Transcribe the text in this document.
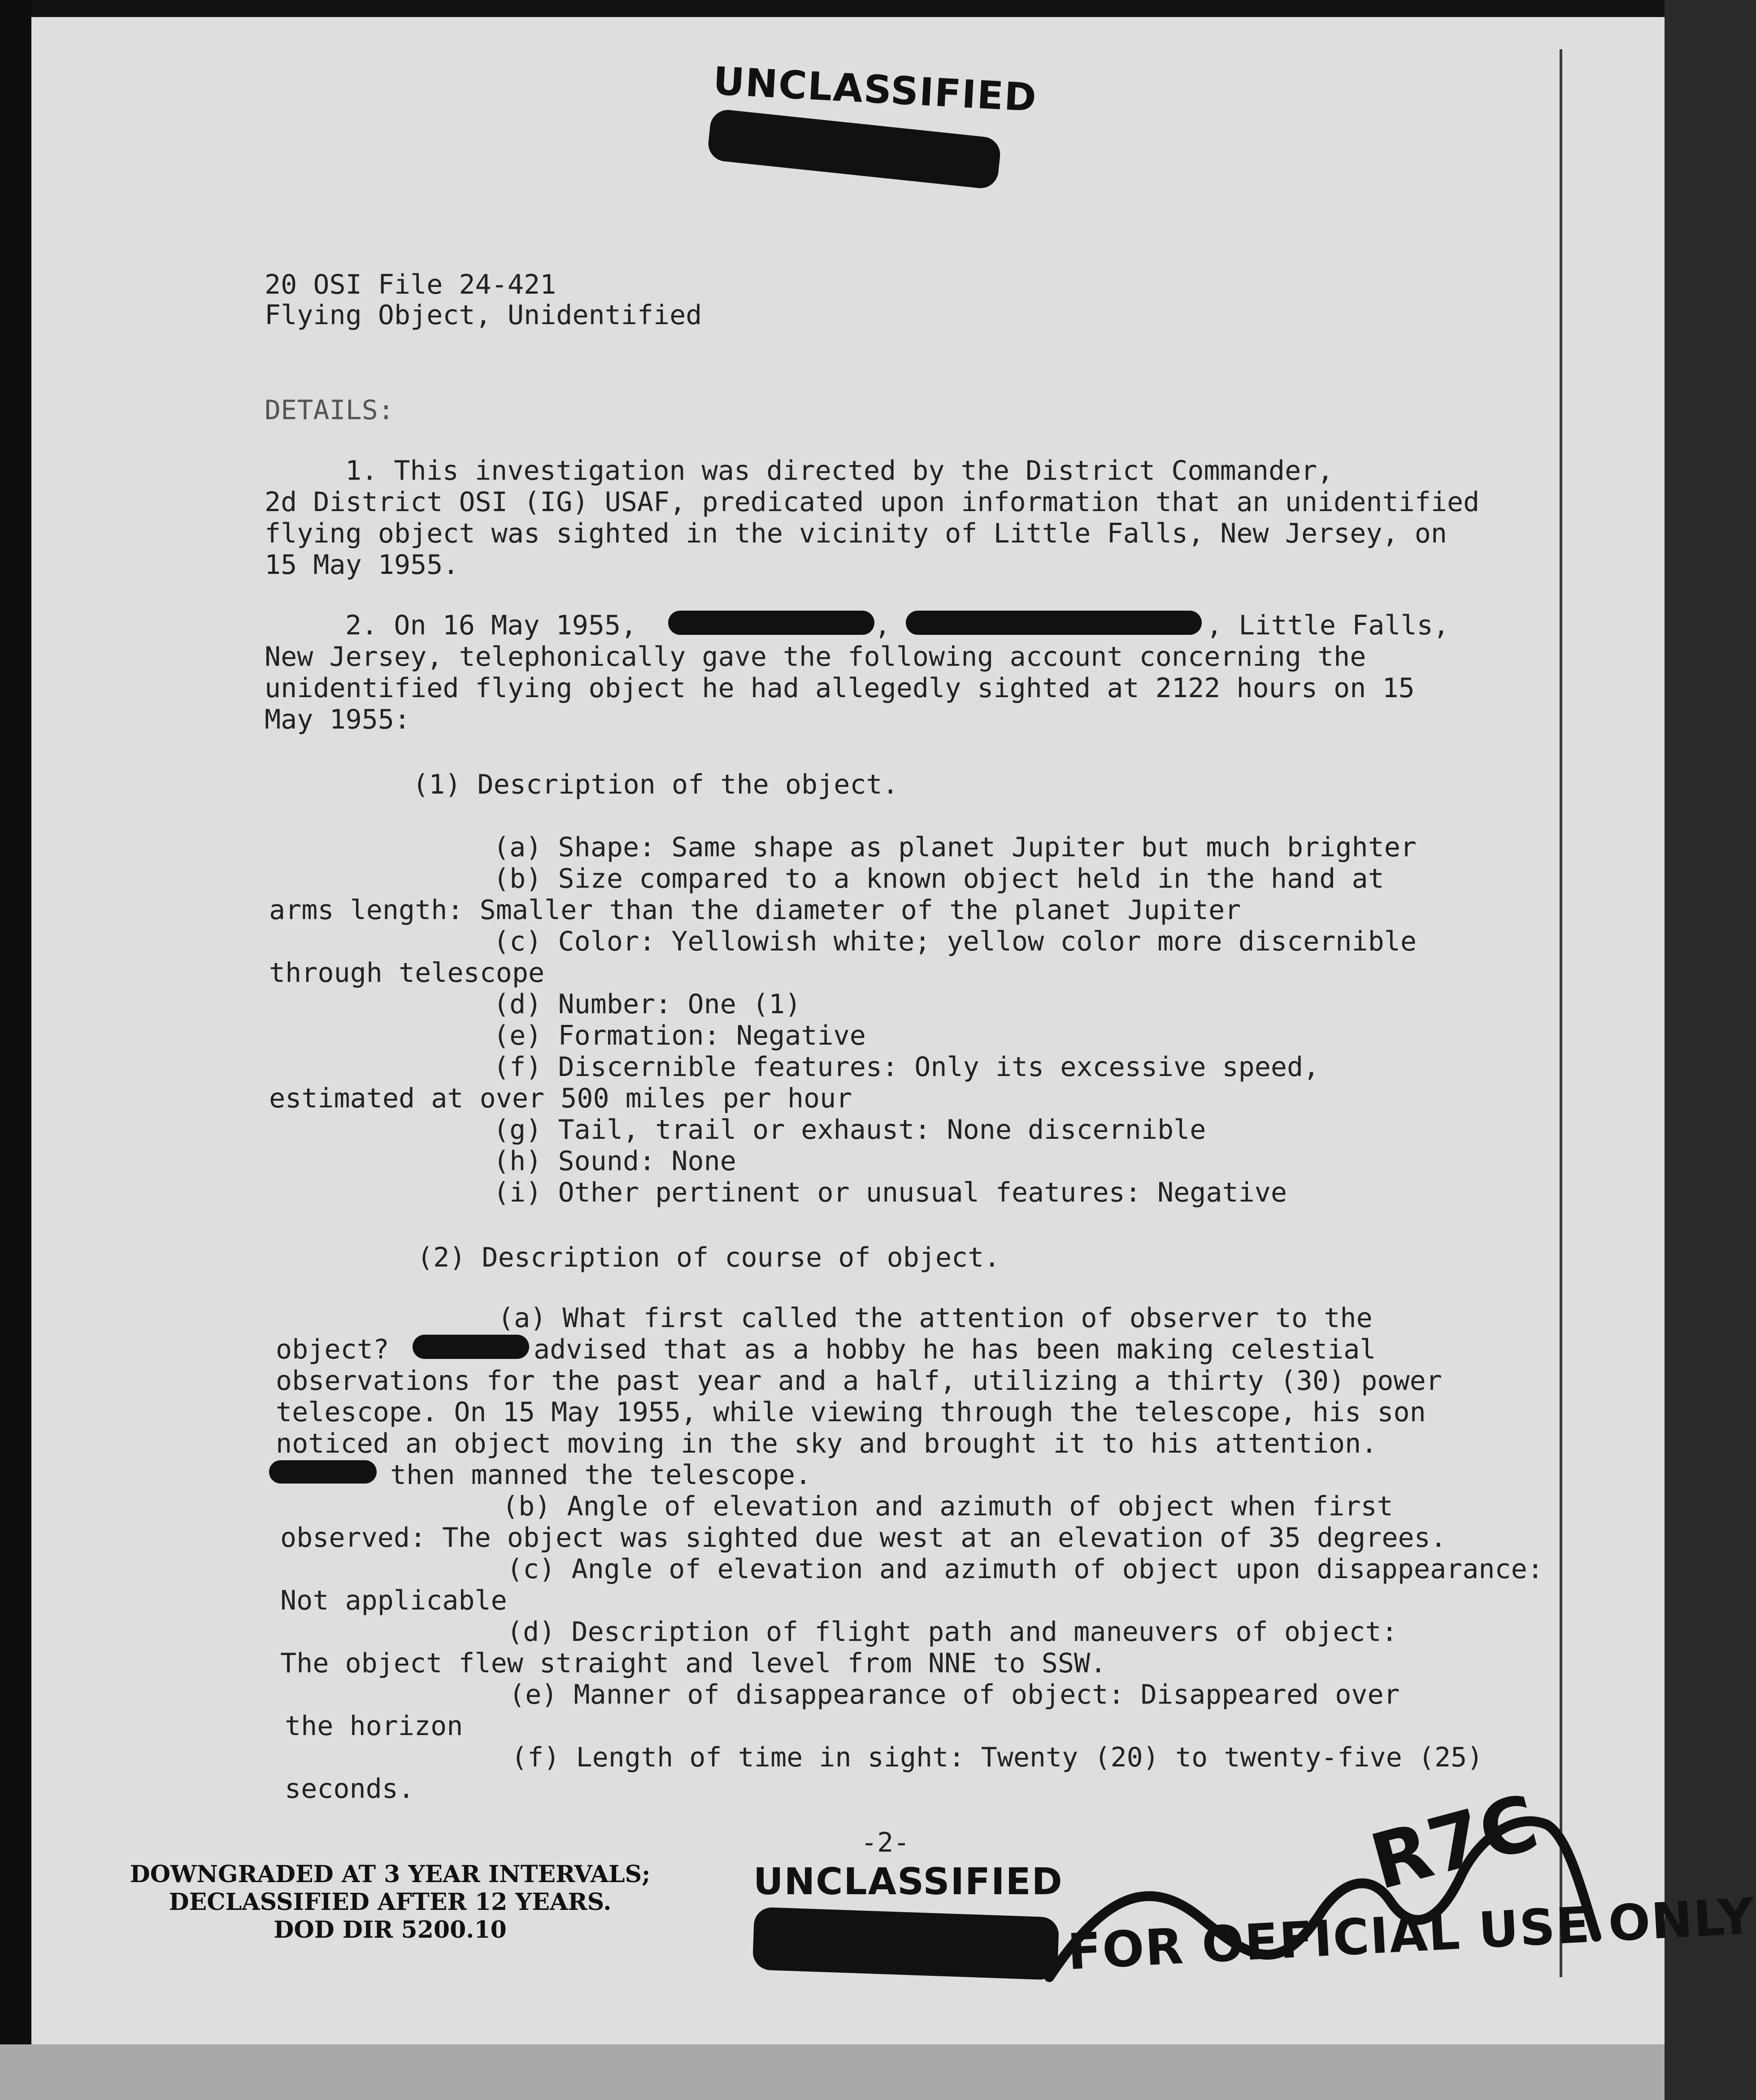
UNCLASSIFIED
20 OSI File 24-421
Flying Object, Unidentified
DETAILS:
1. This investigation was directed by the District Commander,
2d District OSI (IG) USAF, predicated upon information that an unidentified
flying object was sighted in the vicinity of Little Falls, New Jersey, on
15 May 1955.
2. On 16 May 1955,	,	, Little Falls,
New Jersey, telephonically gave the following account concerning the
unidentified flying object he had allegedly sighted at 2122 hours on 15
May 1955:
(1) Description of the object.
(a) Shape: Same shape as planet Jupiter but much brighter
(b) Size compared to a known object held in the hand at
arms length: Smaller than the diameter of the planet Jupiter
(c) Color: Yellowish white; yellow color more discernible
through telescope
(d) Number: One (1)
(e) Formation: Negative
(f) Discernible features: Only its excessive speed,
estimated at over 500 miles per hour
(g) Tail, trail or exhaust: None discernible
(h) Sound: None
(i) Other pertinent or unusual features: Negative
(2) Description of course of object.
(a) What first called the attention of observer to the
object?	advised that as a hobby he has been making celestial
observations for the past year and a half, utilizing a thirty (30) power
telescope. On 15 May 1955, while viewing through the telescope, his son
noticed an object moving in the sky and brought it to his attention.
then manned the telescope.
(b) Angle of elevation and azimuth of object when first
observed: The object was sighted due west at an elevation of 35 degrees.
(c) Angle of elevation and azimuth of object upon disappearance:
Not applicable
(d) Description of flight path and maneuvers of object:
The object flew straight and level from NNE to SSW.
(e) Manner of disappearance of object: Disappeared over
the horizon
(f) Length of time in sight: Twenty (20) to twenty-five (25)
seconds.
-2-
DOWNGRADED AT 3 YEAR INTERVALS;
DECLASSIFIED AFTER 12 YEARS.
DOD DIR 5200.10
UNCLASSIFIED	R7C
FOR OFFICIAL USE ONLY
